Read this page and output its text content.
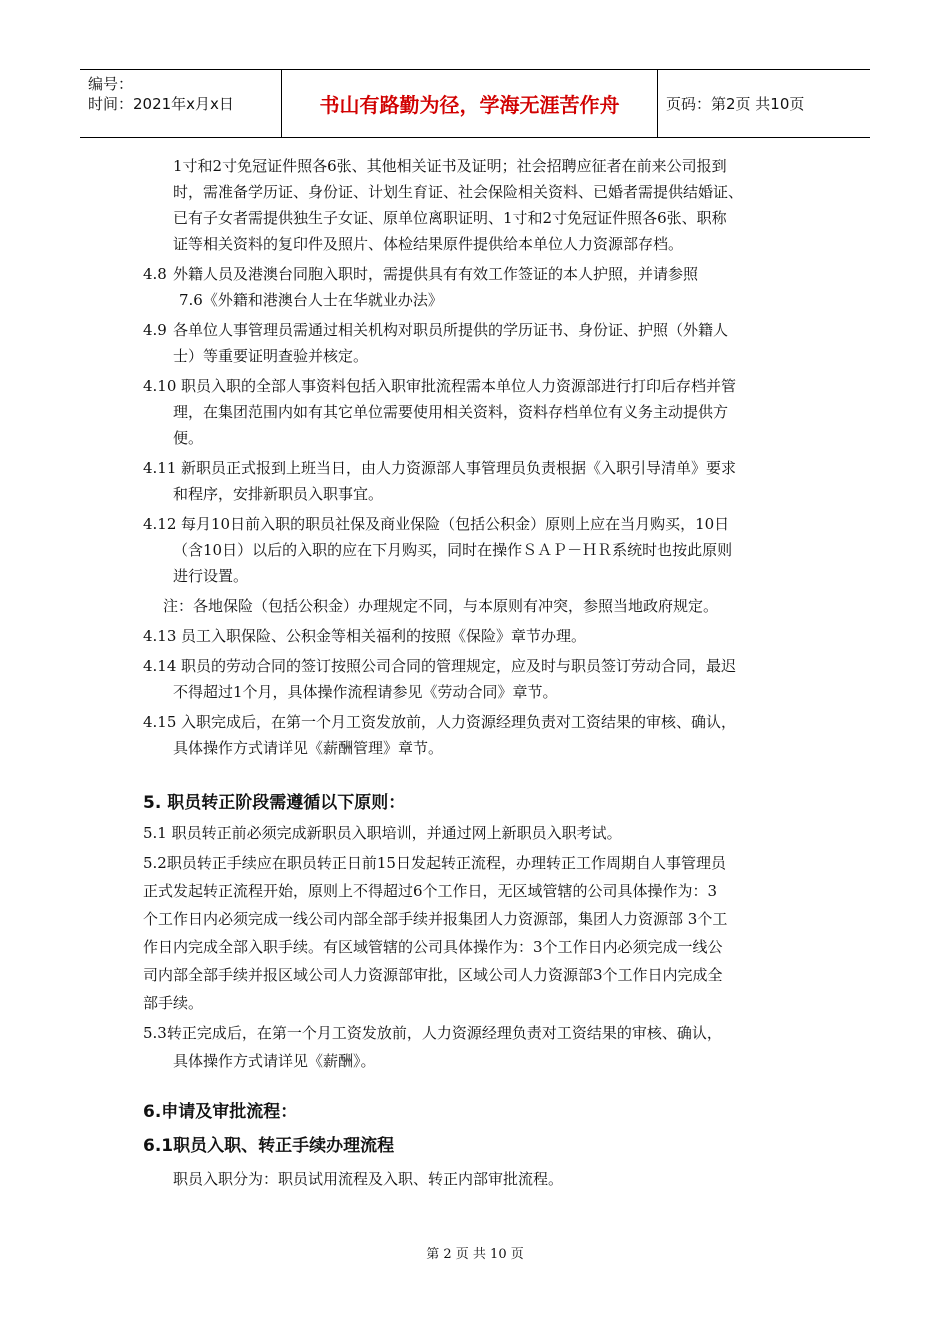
编号：
时间：2021年x月x日	书山有路勤为径，学海无涯苦作舟	页码：第2页 共10页
1寸和2寸免冠证件照各6张、其他相关证书及证明；社会招聘应征者在前来公司报到
时，需准备学历证、身份证、计划生育证、社会保险相关资料、已婚者需提供结婚证、
已有子女者需提供独生子女证、原单位离职证明、1寸和2寸免冠证件照各6张、职称
证等相关资料的复印件及照片、体检结果原件提供给本单位人力资源部存档。
4.8 外籍人员及港澳台同胞入职时，需提供具有有效工作签证的本人护照，并请参照
7.6《外籍和港澳台人士在华就业办法》
4.9 各单位人事管理员需通过相关机构对职员所提供的学历证书、身份证、护照（外籍人
士）等重要证明查验并核定。
4.10 职员入职的全部人事资料包括入职审批流程需本单位人力资源部进行打印后存档并管
理，在集团范围内如有其它单位需要使用相关资料，资料存档单位有义务主动提供方
便。
4.11 新职员正式报到上班当日，由人力资源部人事管理员负责根据《入职引导清单》要求
和程序，安排新职员入职事宜。
4.12 每月10日前入职的职员社保及商业保险（包括公积金）原则上应在当月购买，10日
（含10日）以后的入职的应在下月购买，同时在操作ＳＡＰ－ＨＲ系统时也按此原则
进行设置。
注：各地保险（包括公积金）办理规定不同，与本原则有冲突，参照当地政府规定。
4.13 员工入职保险、公积金等相关福利的按照《保险》章节办理。
4.14 职员的劳动合同的签订按照公司合同的管理规定，应及时与职员签订劳动合同，最迟
不得超过1个月，具体操作流程请参见《劳动合同》章节。
4.15 入职完成后，在第一个月工资发放前，人力资源经理负责对工资结果的审核、确认，
具体操作方式请详见《薪酬管理》章节。
5. 职员转正阶段需遵循以下原则：
5.1 职员转正前必须完成新职员入职培训，并通过网上新职员入职考试。
5.2职员转正手续应在职员转正日前15日发起转正流程，办理转正工作周期自人事管理员
正式发起转正流程开始，原则上不得超过6个工作日，无区域管辖的公司具体操作为：3
个工作日内必须完成一线公司内部全部手续并报集团人力资源部，集团人力资源部 3个工
作日内完成全部入职手续。有区域管辖的公司具体操作为：3个工作日内必须完成一线公
司内部全部手续并报区域公司人力资源部审批，区域公司人力资源部3个工作日内完成全
部手续。
5.3转正完成后，在第一个月工资发放前，人力资源经理负责对工资结果的审核、确认，
具体操作方式请详见《薪酬》。
6.申请及审批流程：
6.1职员入职、转正手续办理流程
职员入职分为：职员试用流程及入职、转正内部审批流程。
第 2 页 共 10 页
